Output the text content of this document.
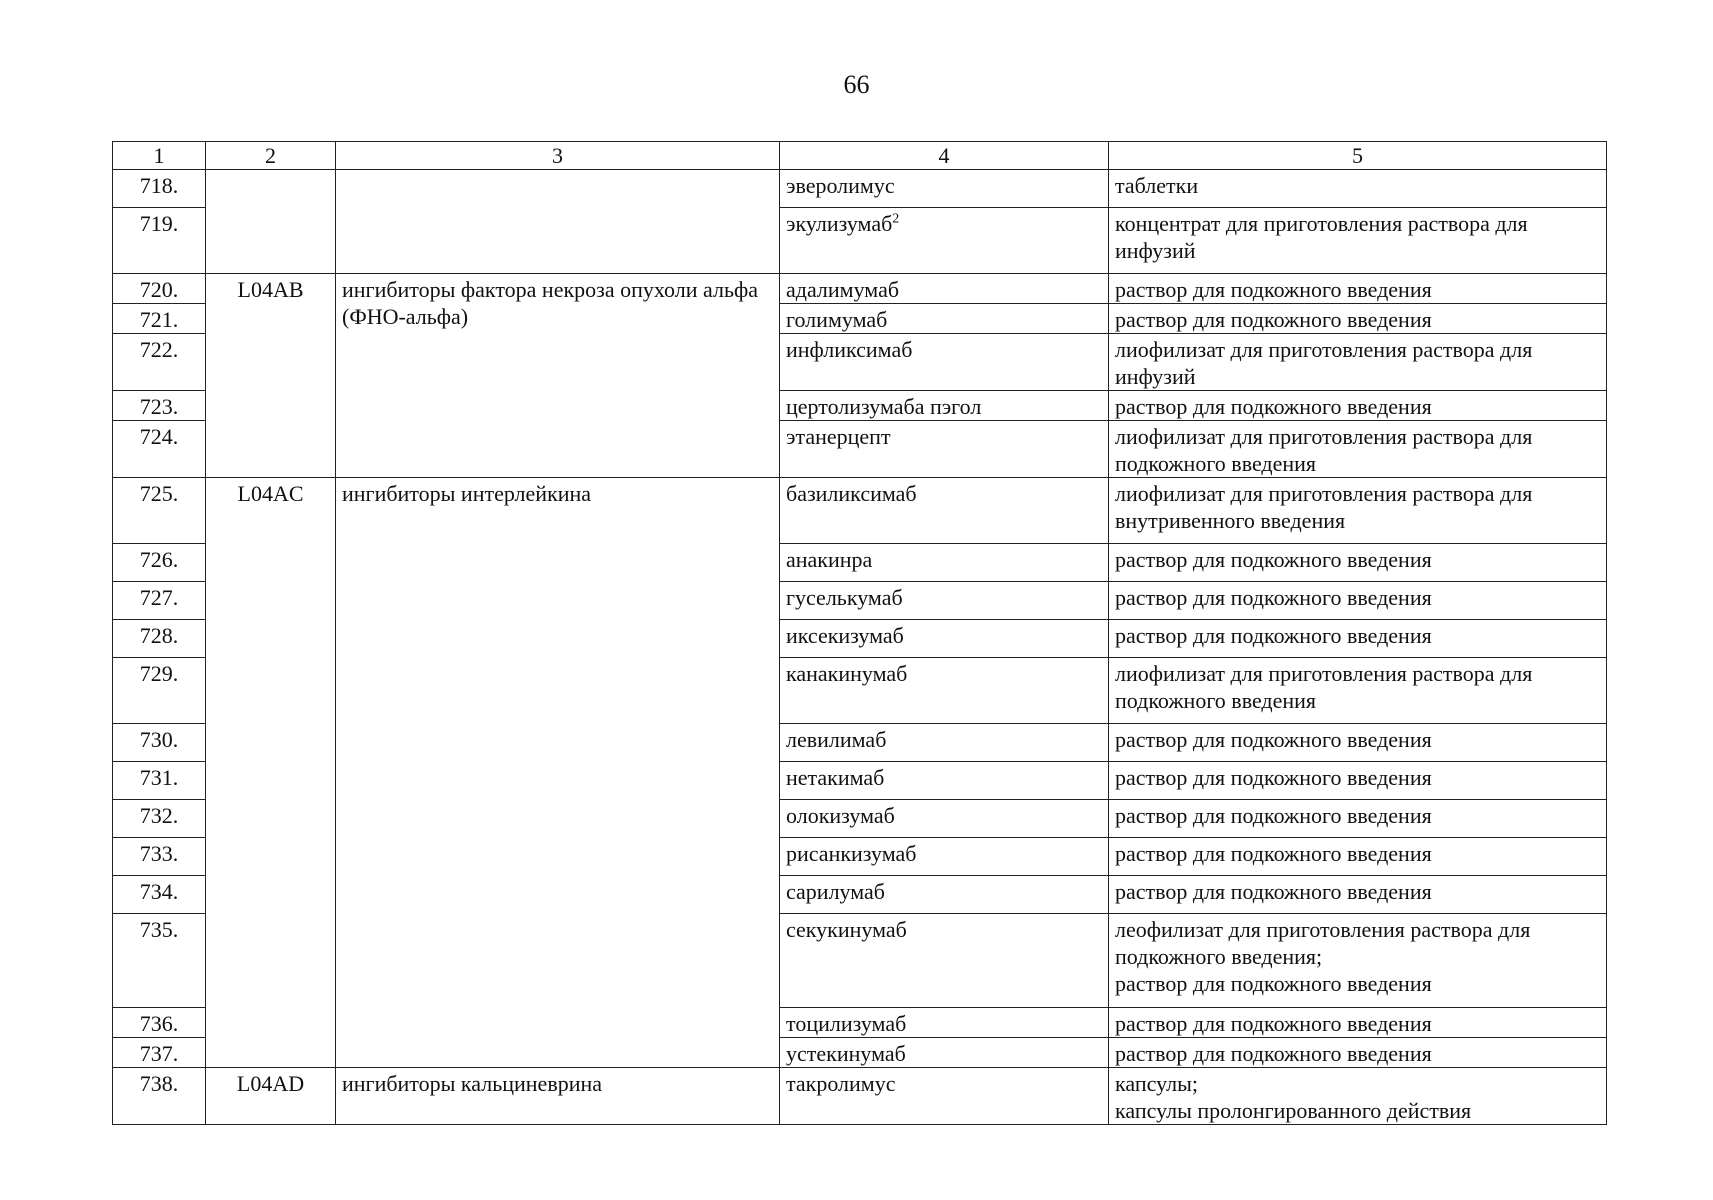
66
1	2	3	4	5
718.			эверолимус	таблетки
719.			экулизумаб$^2$	концентрат для приготовления раствора для инфузий
720.	L04AB	ингибиторы фактора некроза опухоли альфа (ФНО-альфа)	адалимумаб	раствор для подкожного введения
721.			голимумаб	раствор для подкожного введения
722.			инфликсимаб	лиофилизат для приготовления раствора для инфузий
723.			цертолизумаба пэгол	раствор для подкожного введения
724.			этанерцепт	лиофилизат для приготовления раствора для подкожного введения
725.	L04AC	ингибиторы интерлейкина	базиликсимаб	лиофилизат для приготовления раствора для внутривенного введения
726.			анакинра	раствор для подкожного введения
727.			гуселькумаб	раствор для подкожного введения
728.			иксекизумаб	раствор для подкожного введения
729.			канакинумаб	лиофилизат для приготовления раствора для подкожного введения
730.			левилимаб	раствор для подкожного введения
731.			нетакимаб	раствор для подкожного введения
732.			олокизумаб	раствор для подкожного введения
733.			рисанкизумаб	раствор для подкожного введения
734.			сарилумаб	раствор для подкожного введения
735.			секукинумаб	леофилизат для приготовления раствора для подкожного введения;
раствор для подкожного введения

736.			тоцилизумаб	раствор для подкожного введения
737.			устекинумаб	раствор для подкожного введения
738.	L04AD	ингибиторы кальциневрина	такролимус	капсулы;
капсулы пролонгированного действия
